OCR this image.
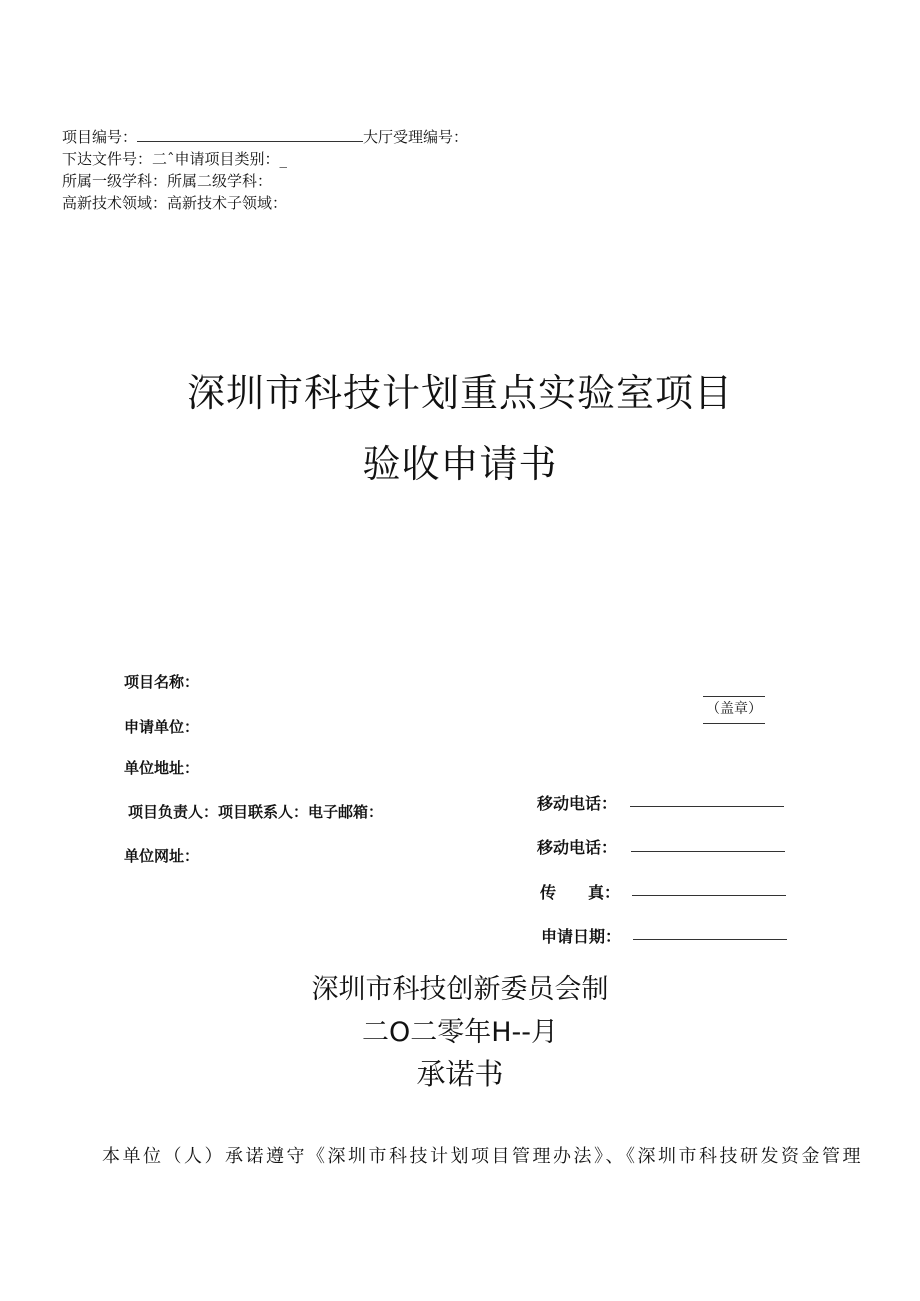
项目编号：	大厅受理编号：
下达文件号：二ˆ申请项目类别：_
所属一级学科：所属二级学科：
高新技术领域：高新技术子领域：
深圳市科技计划重点实验室项目
验收申请书
项目名称：
申请单位：
（盖章）
单位地址：
项目负责人：项目联系人：电子邮箱：
单位网址：
移动电话：
移动电话：
传　　真：
申请日期：
深圳市科技创新委员会制
二O二零年H--月
承诺书
本单位（人）承诺遵守《深圳市科技计划项目管理办法》、《深圳市科技研发资金管理
